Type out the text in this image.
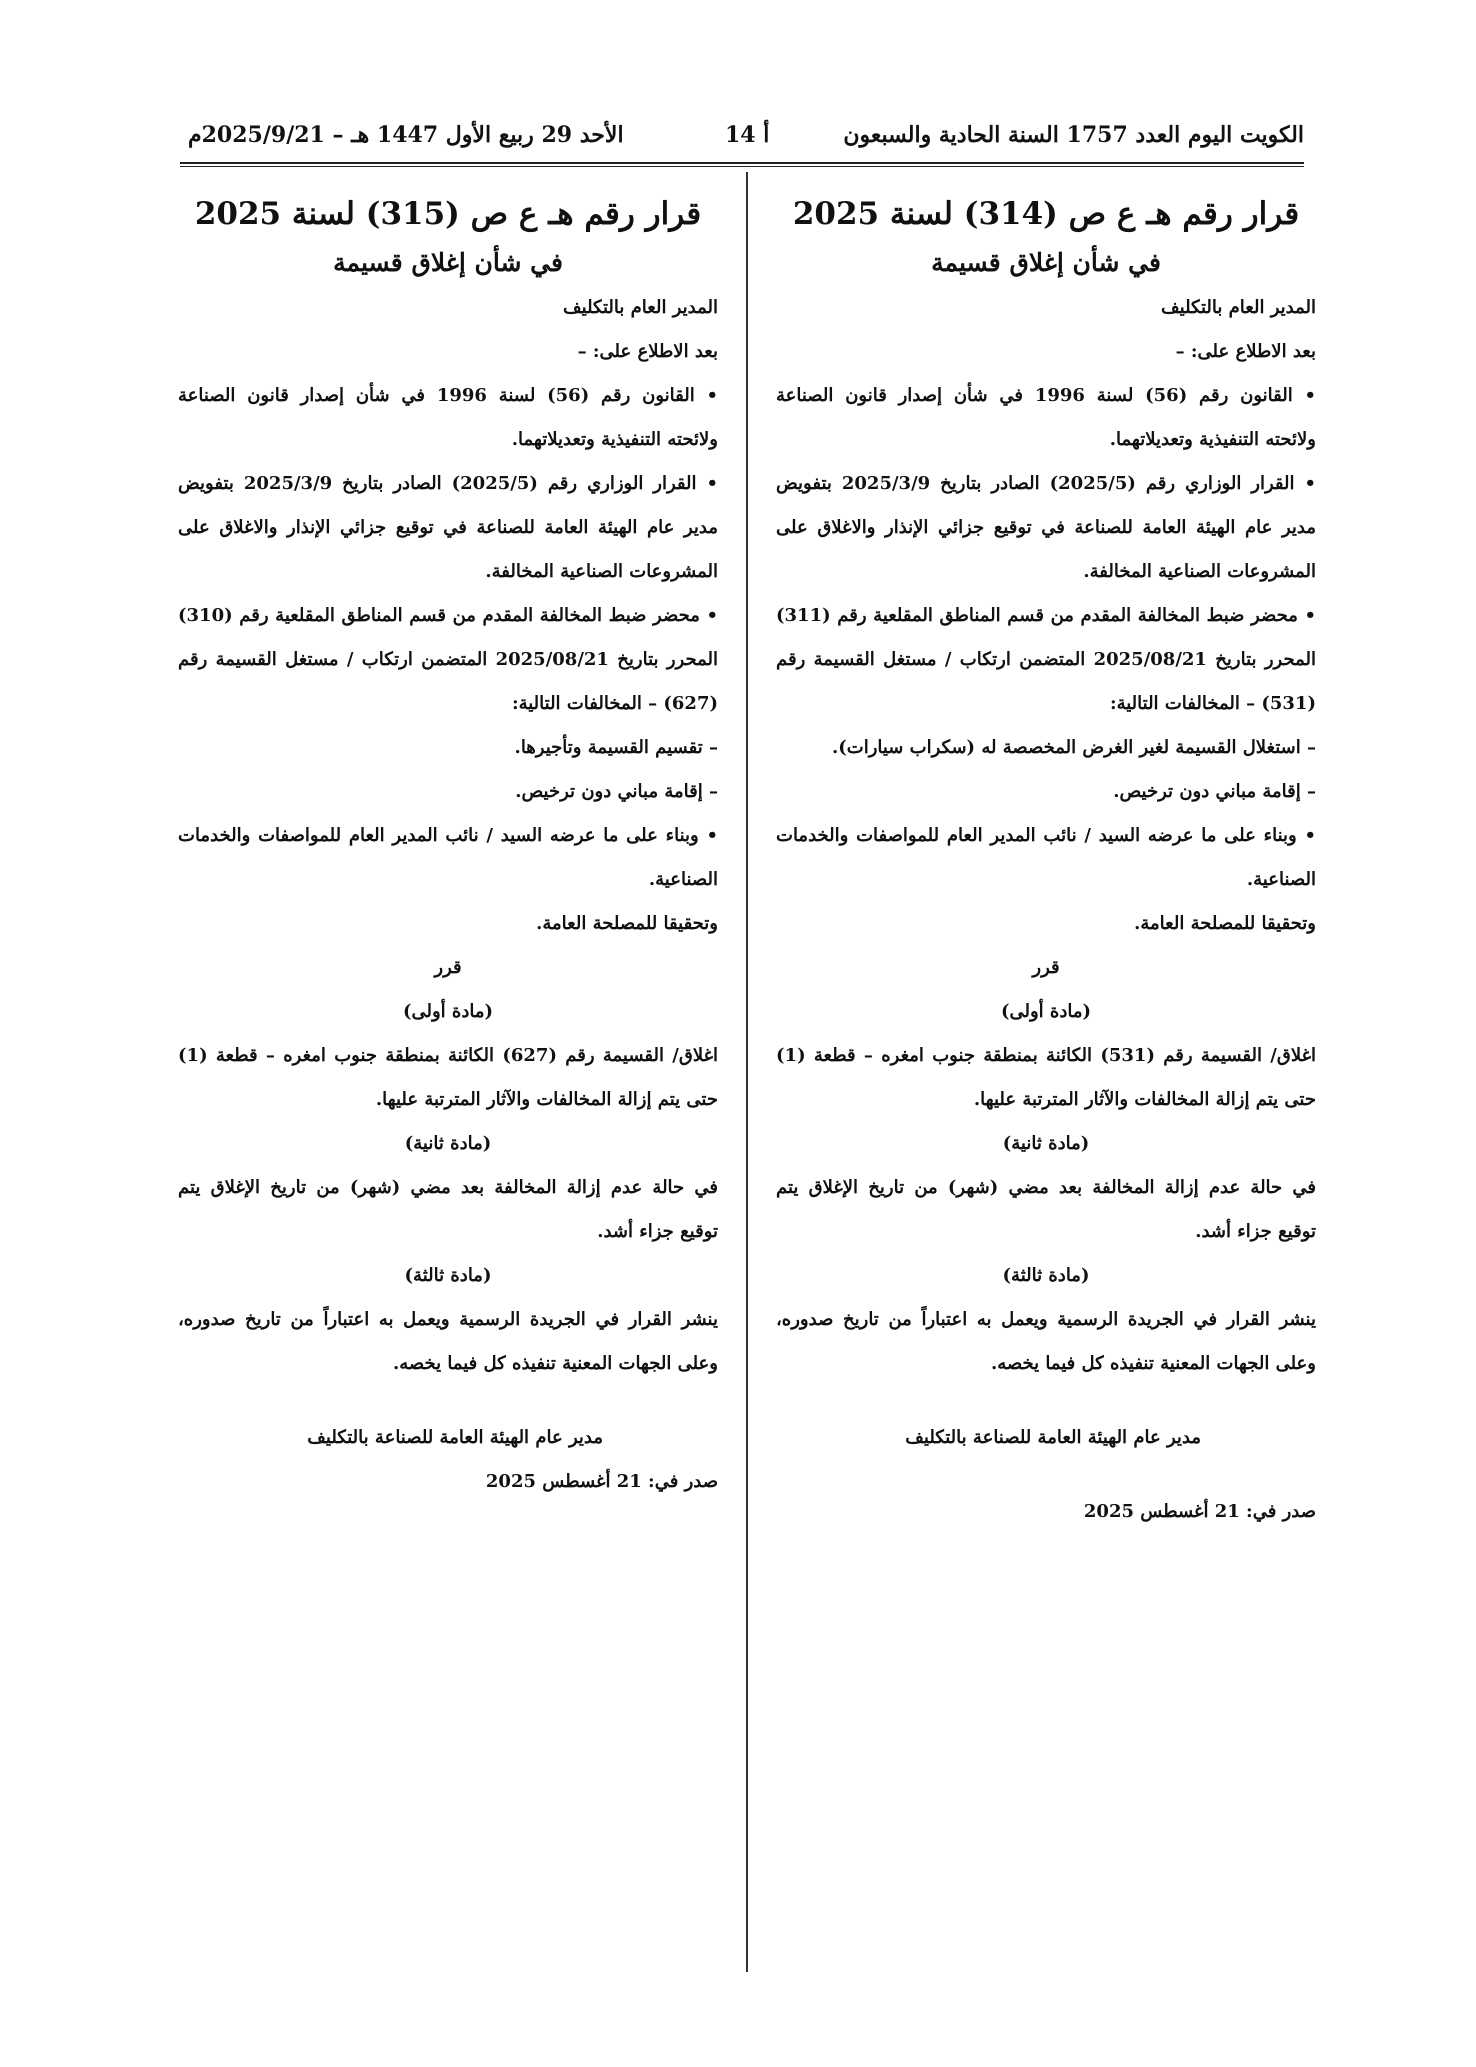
الكويت اليوم العدد 1757 السنة الحادية والسبعون
أ 14
الأحد 29 ربيع الأول 1447 هـ – 2025/9/21م
قرار رقم هـ ع ص (314) لسنة 2025
في شأن إغلاق قسيمة

المدير العام بالتكليف

بعد الاطلاع على: –

• القانون رقم (56) لسنة 1996 في شأن إصدار قانون الصناعة ولائحته التنفيذية وتعديلاتهما.

• القرار الوزاري رقم (2025/5) الصادر بتاريخ 2025/3/9 بتفويض مدير عام الهيئة العامة للصناعة في توقيع جزائي الإنذار والاغلاق على المشروعات الصناعية المخالفة.

• محضر ضبط المخالفة المقدم من قسم المناطق المقلعية رقم (311) المحرر بتاريخ 2025/08/21 المتضمن ارتكاب / مستغل القسيمة رقم (531) – المخالفات التالية:

– استغلال القسيمة لغير الغرض المخصصة له (سكراب سيارات).

– إقامة مباني دون ترخيص.

• وبناء على ما عرضه السيد / نائب المدير العام للمواصفات والخدمات الصناعية.

وتحقيقا للمصلحة العامة.

قرر

(مادة أولى)

اغلاق/ القسيمة رقم (531) الكائنة بمنطقة جنوب امغره – قطعة (1) حتى يتم إزالة المخالفات والآثار المترتبة عليها.

(مادة ثانية)

في حالة عدم إزالة المخالفة بعد مضي (شهر) من تاريخ الإغلاق يتم توقيع جزاء أشد.

(مادة ثالثة)

ينشر القرار في الجريدة الرسمية ويعمل به اعتباراً من تاريخ صدوره، وعلى الجهات المعنية تنفيذه كل فيما يخصه.

مدير عام الهيئة العامة للصناعة بالتكليف

صدر في: 21 أغسطس 2025

قرار رقم هـ ع ص (315) لسنة 2025
في شأن إغلاق قسيمة

المدير العام بالتكليف

بعد الاطلاع على: –

• القانون رقم (56) لسنة 1996 في شأن إصدار قانون الصناعة ولائحته التنفيذية وتعديلاتهما.

• القرار الوزاري رقم (2025/5) الصادر بتاريخ 2025/3/9 بتفويض مدير عام الهيئة العامة للصناعة في توقيع جزائي الإنذار والاغلاق على المشروعات الصناعية المخالفة.

• محضر ضبط المخالفة المقدم من قسم المناطق المقلعية رقم (310) المحرر بتاريخ 2025/08/21 المتضمن ارتكاب / مستغل القسيمة رقم (627) – المخالفات التالية:

– تقسيم القسيمة وتأجيرها.

– إقامة مباني دون ترخيص.

• وبناء على ما عرضه السيد / نائب المدير العام للمواصفات والخدمات الصناعية.

وتحقيقا للمصلحة العامة.

قرر

(مادة أولى)

اغلاق/ القسيمة رقم (627) الكائنة بمنطقة جنوب امغره – قطعة (1) حتى يتم إزالة المخالفات والآثار المترتبة عليها.

(مادة ثانية)

في حالة عدم إزالة المخالفة بعد مضي (شهر) من تاريخ الإغلاق يتم توقيع جزاء أشد.

(مادة ثالثة)

ينشر القرار في الجريدة الرسمية ويعمل به اعتباراً من تاريخ صدوره، وعلى الجهات المعنية تنفيذه كل فيما يخصه.

مدير عام الهيئة العامة للصناعة بالتكليف

صدر في: 21 أغسطس 2025
